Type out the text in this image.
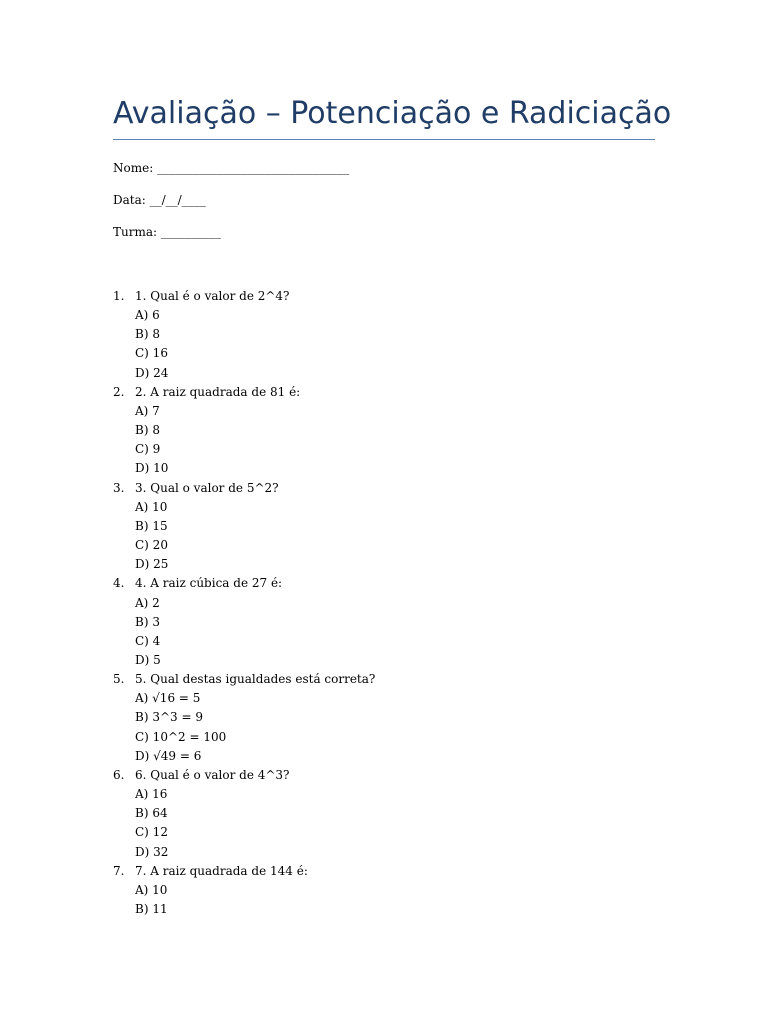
Avaliação – Potenciação e Radiciação
Nome: ________________________________
Data: __/__/____
Turma: __________
1. 1. Qual é o valor de 2^4?
A) 6
B) 8
C) 16
D) 24
2. 2. A raiz quadrada de 81 é:
A) 7
B) 8
C) 9
D) 10
3. 3. Qual o valor de 5^2?
A) 10
B) 15
C) 20
D) 25
4. 4. A raiz cúbica de 27 é:
A) 2
B) 3
C) 4
D) 5
5. 5. Qual destas igualdades está correta?
A) √16 = 5
B) 3^3 = 9
C) 10^2 = 100
D) √49 = 6
6. 6. Qual é o valor de 4^3?
A) 16
B) 64
C) 12
D) 32
7. 7. A raiz quadrada de 144 é:
A) 10
B) 11
